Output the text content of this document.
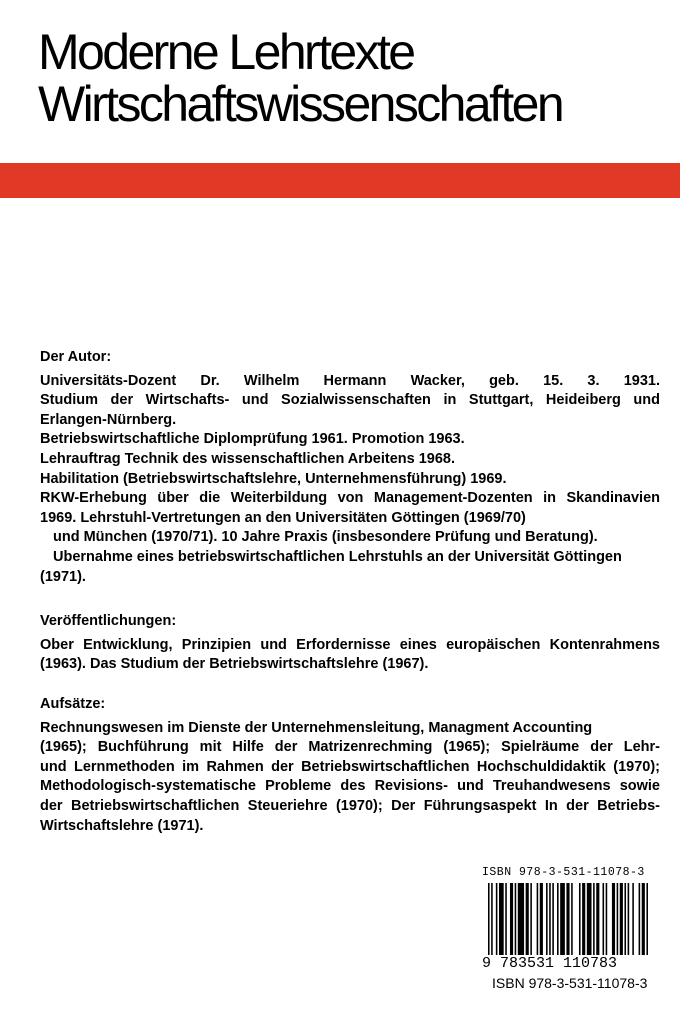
Moderne Lehrtexte
Wirtschaftswissenschaften
Der Autor:
Universitäts-Dozent Dr. Wilhelm Hermann Wacker, geb. 15. 3. 1931.
Studium der Wirtschafts- und Sozialwissenschaften in Stuttgart, Heideiberg und
Erlangen-Nürnberg.
Betriebswirtschaftliche Diplomprüfung 1961. Promotion 1963.
Lehrauftrag Technik des wissenschaftlichen Arbeitens 1968.
Habilitation (Betriebswirtschaftslehre, Unternehmensführung) 1969.
RKW-Erhebung über die Weiterbildung von Management-Dozenten in Skandinavien
1969. Lehrstuhl-Vertretungen an den Universitäten Göttingen (1969/70)
und München (1970/71). 10 Jahre Praxis (insbesondere Prüfung und Beratung).
Ubernahme eines betriebswirtschaftlichen Lehrstuhls an der Universität Göttingen
(1971).
Veröffentlichungen:
Ober Entwicklung, Prinzipien und Erfordernisse eines europäischen Kontenrahmens
(1963). Das Studium der Betriebswirtschaftslehre (1967).
Aufsätze:
Rechnungswesen im Dienste der Unternehmensleitung, Managment Accounting
(1965); Buchführung mit Hilfe der Matrizenrechming (1965); Spielräume der Lehr-
und Lernmethoden im Rahmen der Betriebswirtschaftlichen Hochschuldidaktik (1970);
Methodologisch-systematische Probleme des Revisions- und Treuhandwesens sowie
der Betriebswirtschaftlichen Steueriehre (1970); Der Führungsaspekt In der Betriebs-
Wirtschaftslehre (1971).
ISBN 978-3-531-11078-3
9 783531 110783
ISBN 978-3-531-11078-3
